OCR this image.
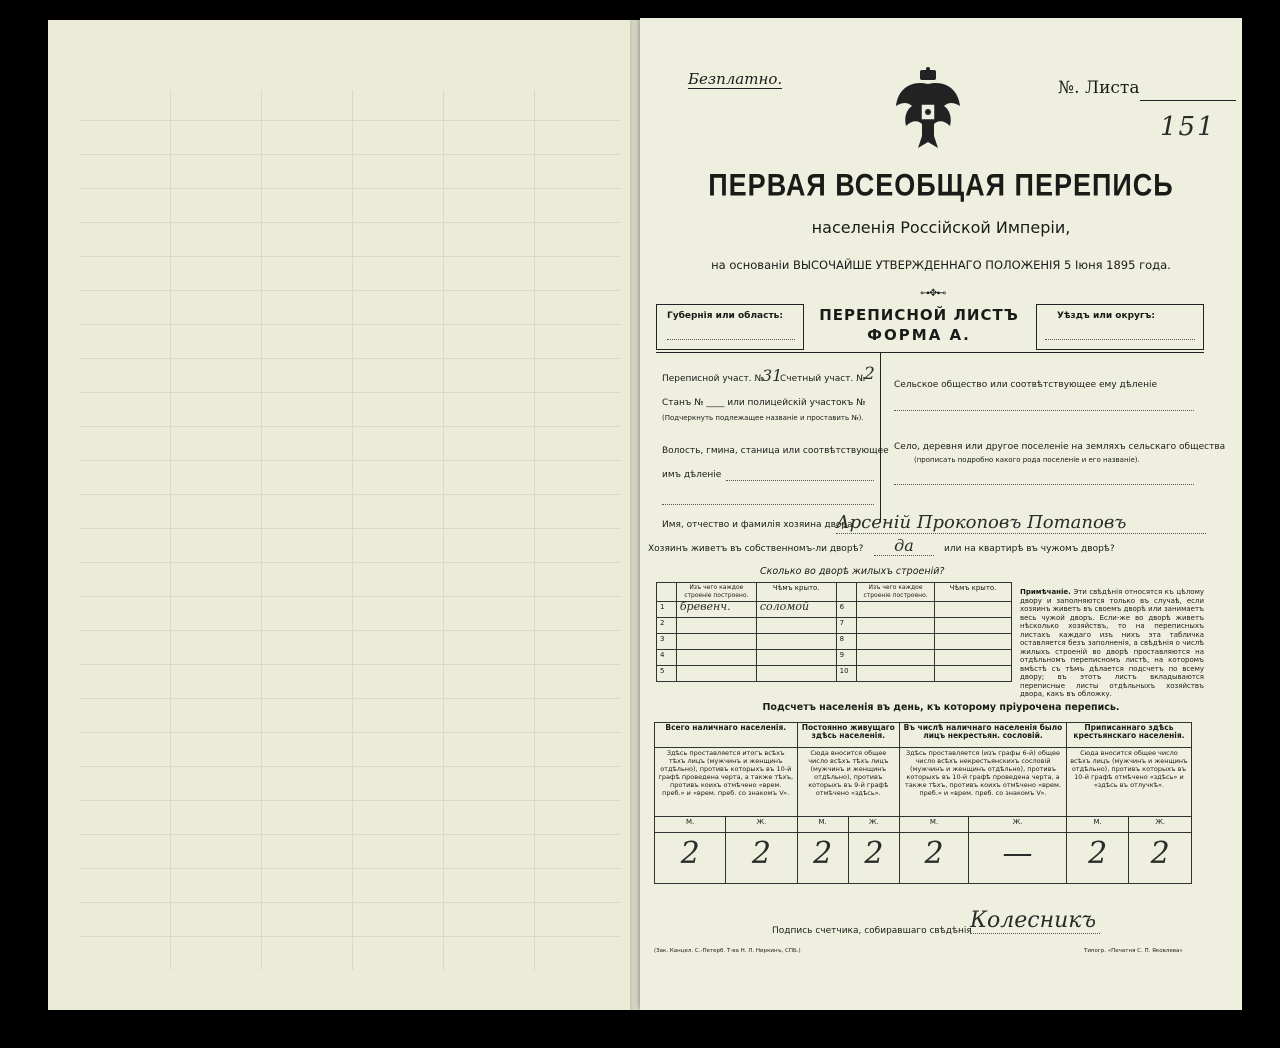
Безплатно.	№. Листа
151
ПЕРВАЯ ВСЕОБЩАЯ ПЕРЕПИСЬ
населенія Россійской Имперіи,
на основаніи ВЫСОЧАЙШЕ УТВЕРЖДЕННАГО ПОЛОЖЕНІЯ 5 Іюня 1895 года.
⊶✥⊷
Губернія или область:	ПЕРЕПИСНОЙ ЛИСТЪ
ФОРМА А.
Уѣздъ или округъ:
Переписной участ. №
31
Счетный участ. №
2
Станъ № ____ или полицейскій участокъ №
(Подчеркнуть подлежащее названіе и проставить №).
Волость, гмина, станица или соотвѣтствующее
имъ дѣленіе
Сельское общество или соотвѣтствующее ему дѣленіе
Село, деревня или другое поселеніе на земляхъ сельскаго общества
(прописать подробно какого рода поселеніе и его названіе).
Имя, отчество и фамилія хозяина двора
Арсеній Прокоповъ Потаповъ
Хозяинъ живетъ въ собственномъ-ли дворѣ?	да	или на квартирѣ въ чужомъ дворѣ?
Сколько во дворѣ жилыхъ строеній?
	Изъ чего каждое строеніе построено.	Чѣмъ крыто.		Изъ чего каждое строеніе построено.	Чѣмъ крыто.
1	бревенч.	соломой	6		
2			7		
3			8		
4			9		
5			10		
Примѣчаніе. Эти свѣдѣнія относятся къ цѣлому двору и заполняются только въ случаѣ, если хозяинъ живетъ въ своемъ дворѣ или занимаетъ весь чужой дворъ. Если-же во дворѣ живетъ нѣсколько хозяйствъ, то на переписныхъ листахъ каждаго изъ нихъ эта табличка оставляется безъ заполненія, а свѣдѣнія о числѣ жилыхъ строеній во дворѣ проставляются на отдѣльномъ переписномъ листѣ, на которомъ вмѣстѣ съ тѣмъ дѣлается подсчетъ по всему двору; въ этотъ листъ вкладываются переписные листы отдѣльныхъ хозяйствъ двора, какъ въ обложку.
Подсчетъ населенія въ день, къ которому пріурочена перепись.
Всего наличнаго населенія.		Постоянно живущаго здѣсь населенія.		Въ числѣ наличнаго населенія было лицъ некрестьян. сословій.		Приписаннаго здѣсь крестьянскаго населенія.	
Здѣсь проставляется итогъ всѣхъ тѣхъ лицъ (мужчинъ и женщинъ отдѣльно), противъ которыхъ въ 10-й графѣ проведена черта, а также тѣхъ, противъ коихъ отмѣчено «врем. преб.» и «врем. преб. со знакомъ V».		Сюда вносится общее число всѣхъ тѣхъ лицъ (мужчинъ и женщинъ отдѣльно), противъ которыхъ въ 9-й графѣ отмѣчено «здѣсь».		Здѣсь проставляется (изъ графы 6-й) общее число всѣхъ некрестьянскихъ сословій (мужчинъ и женщинъ отдѣльно), противъ которыхъ въ 10-й графѣ проведена черта, а также тѣхъ, противъ коихъ отмѣчено «врем. преб.» и «врем. преб. со знакомъ V».		Сюда вносится общее число всѣхъ лицъ (мужчинъ и женщинъ отдѣльно), противъ которыхъ въ 10-й графѣ отмѣчено «здѣсь» и «здѣсь въ отлучкѣ».	
М.	Ж.	М.	Ж.	М.	Ж.	М.	Ж.
2	2	2	2	2	—	2	2
Подпись счетчика, собиравшаго свѣдѣнія
Колесникъ
(Зак. Канцел. С.-Петерб. Т-ва Н. Л. Ниркинъ, СПБ.)	Типогр. «Печатня С. П. Яковлева»
